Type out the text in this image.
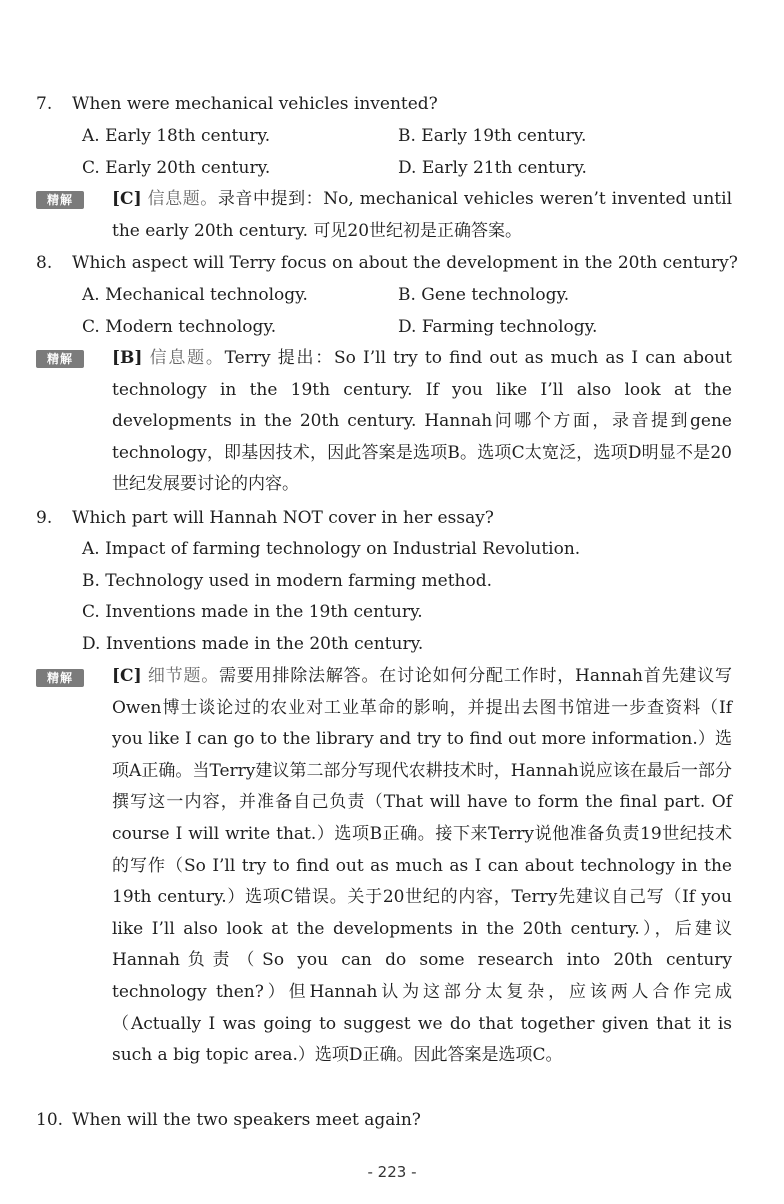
7. When were mechanical vehicles invented?
A. Early 18th century.	B. Early 19th century.
C. Early 20th century.	D. Early 21th century.
精解	[C] 信息题。录音中提到：No, mechanical vehicles weren’t invented until the early 20th century. 可见20世纪初是正确答案。
8. Which aspect will Terry focus on about the development in the 20th century?
A. Mechanical technology.	B. Gene technology.
C. Modern technology.	D. Farming technology.
精解	[B] 信息题。Terry 提出：So I’ll try to find out as much as I can about technology in the 19th century. If you like I’ll also look at the developments in the 20th century. Hannah问哪个方面，录音提到gene technology，即基因技术，因此答案是选项B。选项C太宽泛，选项D明显不是20世纪发展要讨论的内容。
9. Which part will Hannah NOT cover in her essay?
A. Impact of farming technology on Industrial Revolution.
B. Technology used in modern farming method.
C. Inventions made in the 19th century.
D. Inventions made in the 20th century.
精解	[C] 细节题。需要用排除法解答。在讨论如何分配工作时，Hannah首先建议写Owen博士谈论过的农业对工业革命的影响，并提出去图书馆进一步查资料（If you like I can go to the library and try to find out more information.）选项A正确。当Terry建议第二部分写现代农耕技术时，Hannah说应该在最后一部分撰写这一内容，并准备自己负责（That will have to form the final part. Of course I will write that.）选项B正确。接下来Terry说他准备负责19世纪技术的写作（So I’ll try to find out as much as I can about technology in the 19th century.）选项C错误。关于20世纪的内容，Terry先建议自己写（If you like I’ll also look at the developments in the 20th century.），后建议Hannah负责（So you can do some research into 20th century technology then?）但Hannah认为这部分太复杂，应该两人合作完成（Actually I was going to suggest we do that together given that it is such a big topic area.）选项D正确。因此答案是选项C。
10. When will the two speakers meet again?
- 223 -
